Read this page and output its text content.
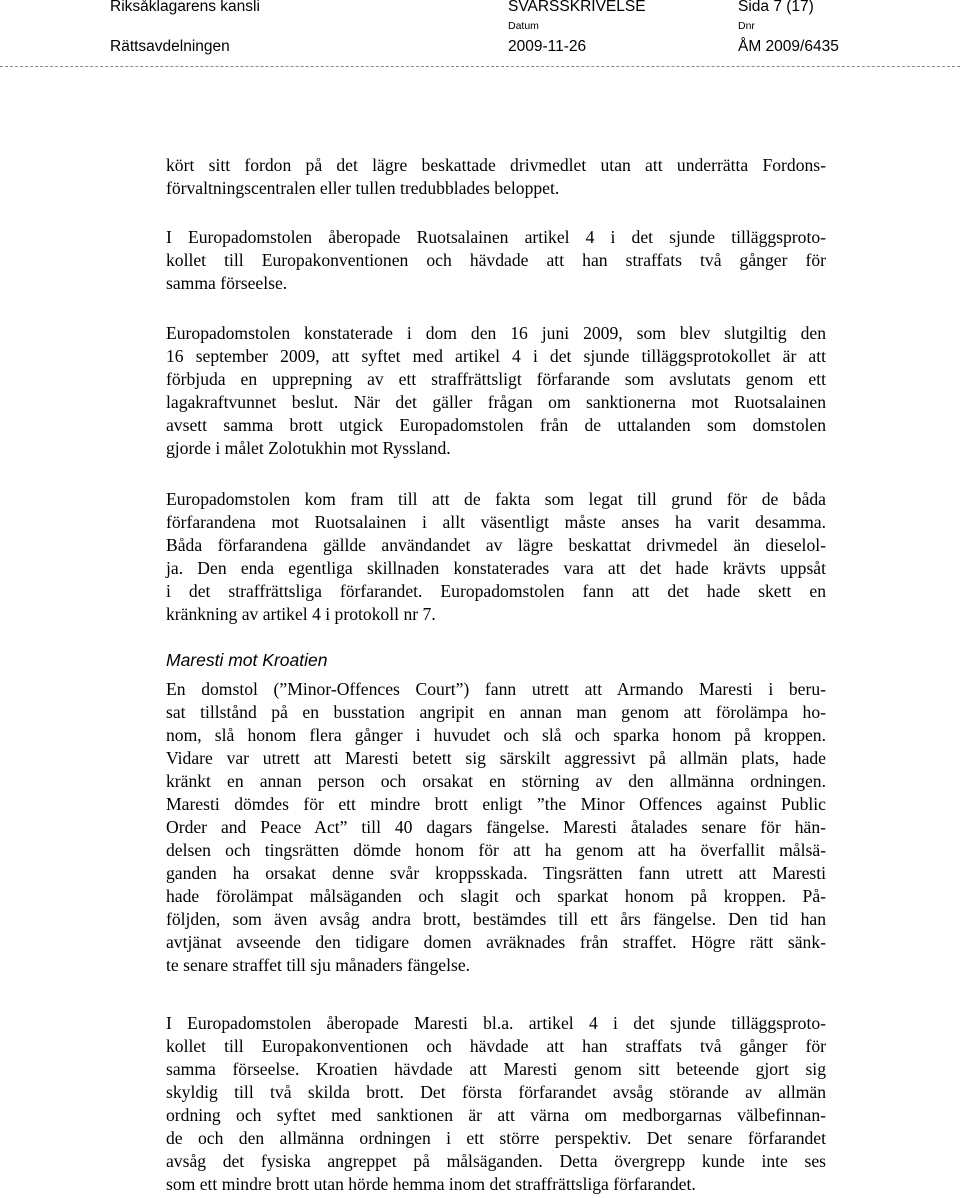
Riksåklagarens kansli
Rättsavdelningen
SVARSSKRIVELSE	Sida 7 (17)
Datum	Dnr
2009-11-26	ÅM 2009/6435
kört sitt fordon på det lägre beskattade drivmedlet utan att underrätta Fordons-
förvaltningscentralen eller tullen tredubblades beloppet.
I Europadomstolen åberopade Ruotsalainen artikel 4 i det sjunde tilläggsproto-
kollet till Europakonventionen och hävdade att han straffats två gånger för
samma förseelse.
Europadomstolen konstaterade i dom den 16 juni 2009, som blev slutgiltig den
16 september 2009, att syftet med artikel 4 i det sjunde tilläggsprotokollet är att
förbjuda en upprepning av ett straffrättsligt förfarande som avslutats genom ett
lagakraftvunnet beslut. När det gäller frågan om sanktionerna mot Ruotsalainen
avsett samma brott utgick Europadomstolen från de uttalanden som domstolen
gjorde i målet Zolotukhin mot Ryssland.
Europadomstolen kom fram till att de fakta som legat till grund för de båda
förfarandena mot Ruotsalainen i allt väsentligt måste anses ha varit desamma.
Båda förfarandena gällde användandet av lägre beskattat drivmedel än dieselol-
ja. Den enda egentliga skillnaden konstaterades vara att det hade krävts uppsåt
i det straffrättsliga förfarandet. Europadomstolen fann att det hade skett en
kränkning av artikel 4 i protokoll nr 7.
Maresti mot Kroatien
En domstol (”Minor-Offences Court”) fann utrett att Armando Maresti i beru-
sat tillstånd på en busstation angripit en annan man genom att förolämpa ho-
nom, slå honom flera gånger i huvudet och slå och sparka honom på kroppen.
Vidare var utrett att Maresti betett sig särskilt aggressivt på allmän plats, hade
kränkt en annan person och orsakat en störning av den allmänna ordningen.
Maresti dömdes för ett mindre brott enligt ”the Minor Offences against Public
Order and Peace Act” till 40 dagars fängelse. Maresti åtalades senare för hän-
delsen och tingsrätten dömde honom för att ha genom att ha överfallit målsä-
ganden ha orsakat denne svår kroppsskada. Tingsrätten fann utrett att Maresti
hade förolämpat målsäganden och slagit och sparkat honom på kroppen. På-
följden, som även avsåg andra brott, bestämdes till ett års fängelse. Den tid han
avtjänat avseende den tidigare domen avräknades från straffet. Högre rätt sänk-
te senare straffet till sju månaders fängelse.
I Europadomstolen åberopade Maresti bl.a. artikel 4 i det sjunde tilläggsproto-
kollet till Europakonventionen och hävdade att han straffats två gånger för
samma förseelse. Kroatien hävdade att Maresti genom sitt beteende gjort sig
skyldig till två skilda brott. Det första förfarandet avsåg störande av allmän
ordning och syftet med sanktionen är att värna om medborgarnas välbefinnan-
de och den allmänna ordningen i ett större perspektiv. Det senare förfarandet
avsåg det fysiska angreppet på målsäganden. Detta övergrepp kunde inte ses
som ett mindre brott utan hörde hemma inom det straffrättsliga förfarandet.
